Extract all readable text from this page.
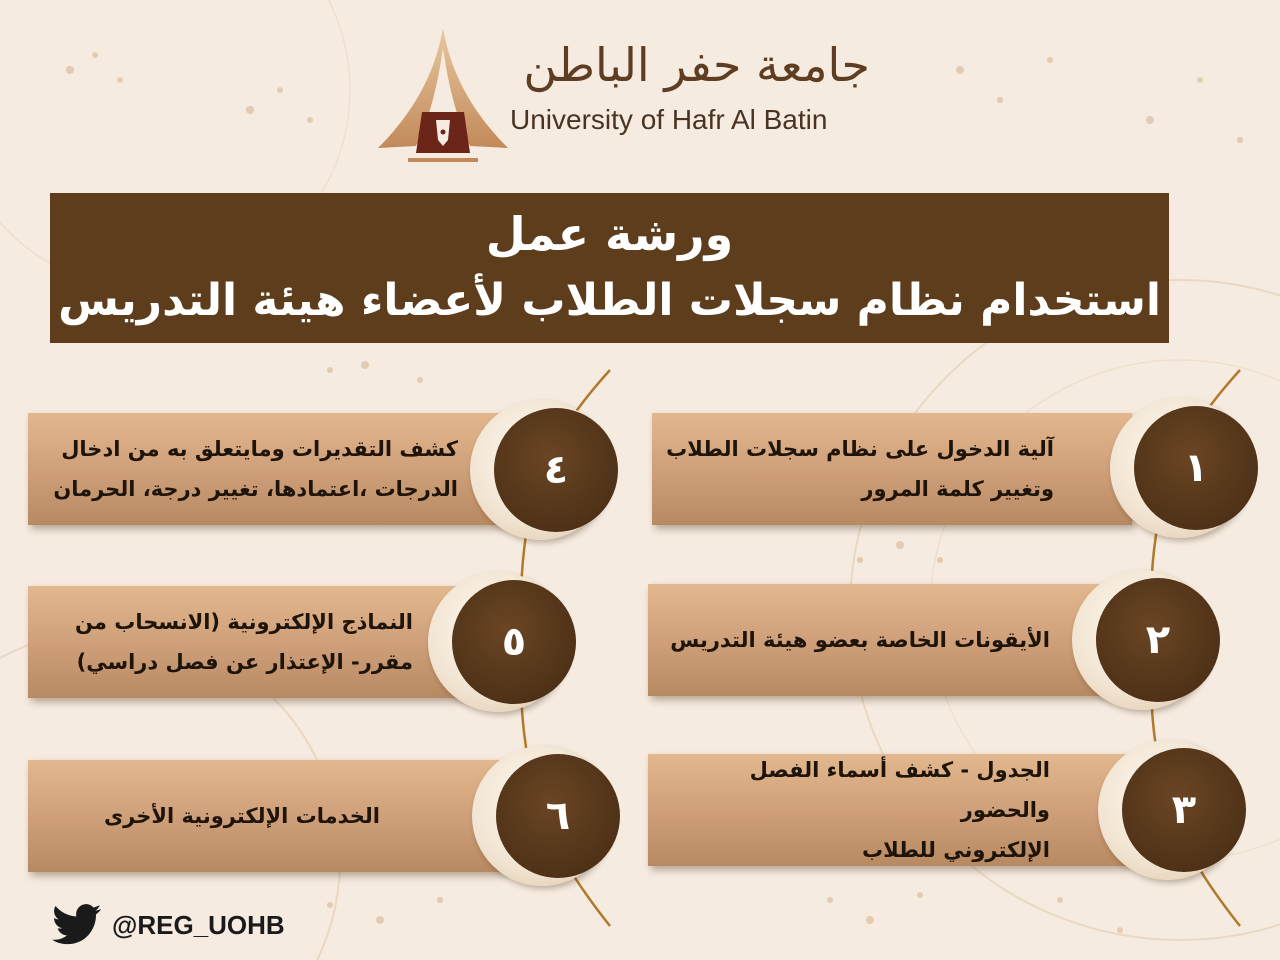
جامعة حفر الباطن
University of Hafr Al Batin
ورشة عمل
استخدام نظام سجلات الطلاب لأعضاء هيئة التدريس
آلية الدخول على نظام سجلات الطلاب
وتغيير كلمة المرور	١
الأيقونات الخاصة بعضو هيئة التدريس	٢
الجدول - كشف أسماء الفصل والحضور
الإلكتروني للطلاب
٣
كشف التقديرات ومايتعلق به من ادخال
الدرجات ،اعتمادها، تغيير درجة، الحرمان	٤
النماذج الإلكترونية (الانسحاب من
مقرر- الإعتذار عن فصل دراسي)	٥
الخدمات الإلكترونية الأخرى	٦
@REG_UOHB
